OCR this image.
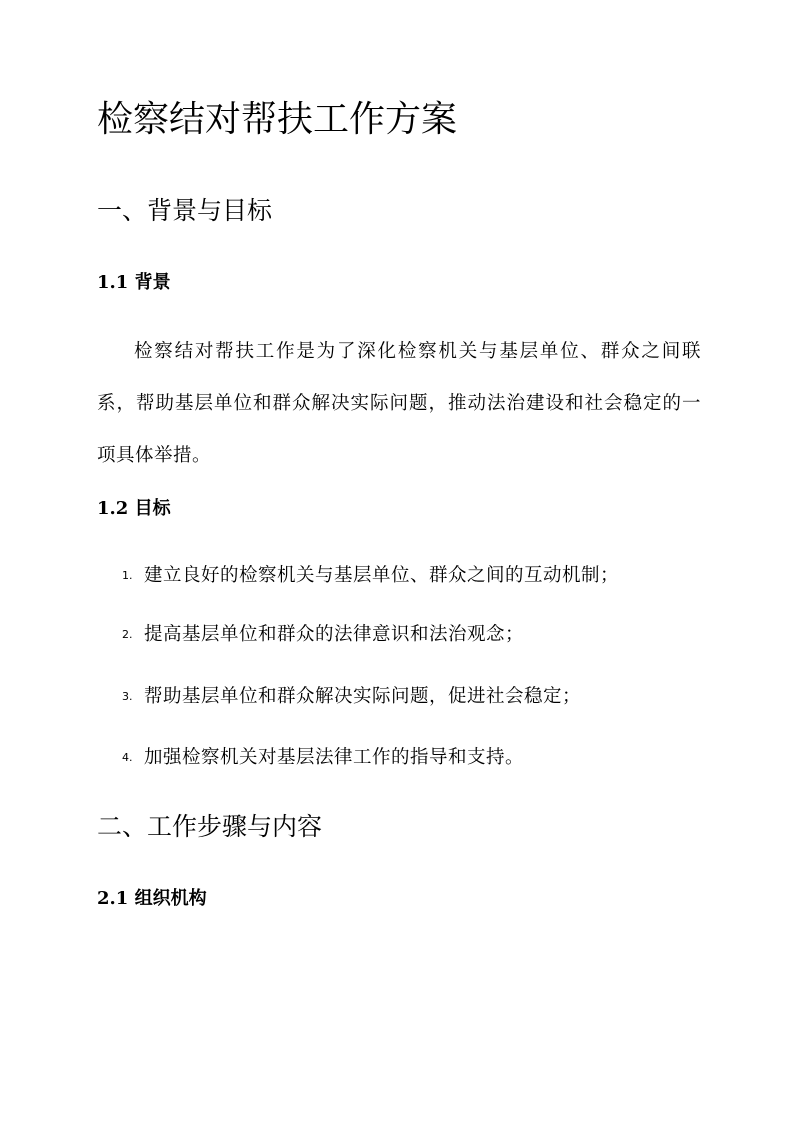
检察结对帮扶工作方案
一、背景与目标
1.1 背景

检察结对帮扶工作是为了深化检察机关与基层单位、群众之间联系，帮助基层单位和群众解决实际问题，推动法治建设和社会稳定的一项具体举措。

1.2 目标
1. 建立良好的检察机关与基层单位、群众之间的互动机制；
2. 提高基层单位和群众的法律意识和法治观念；
3. 帮助基层单位和群众解决实际问题，促进社会稳定；
4. 加强检察机关对基层法律工作的指导和支持。
二、工作步骤与内容
2.1 组织机构
